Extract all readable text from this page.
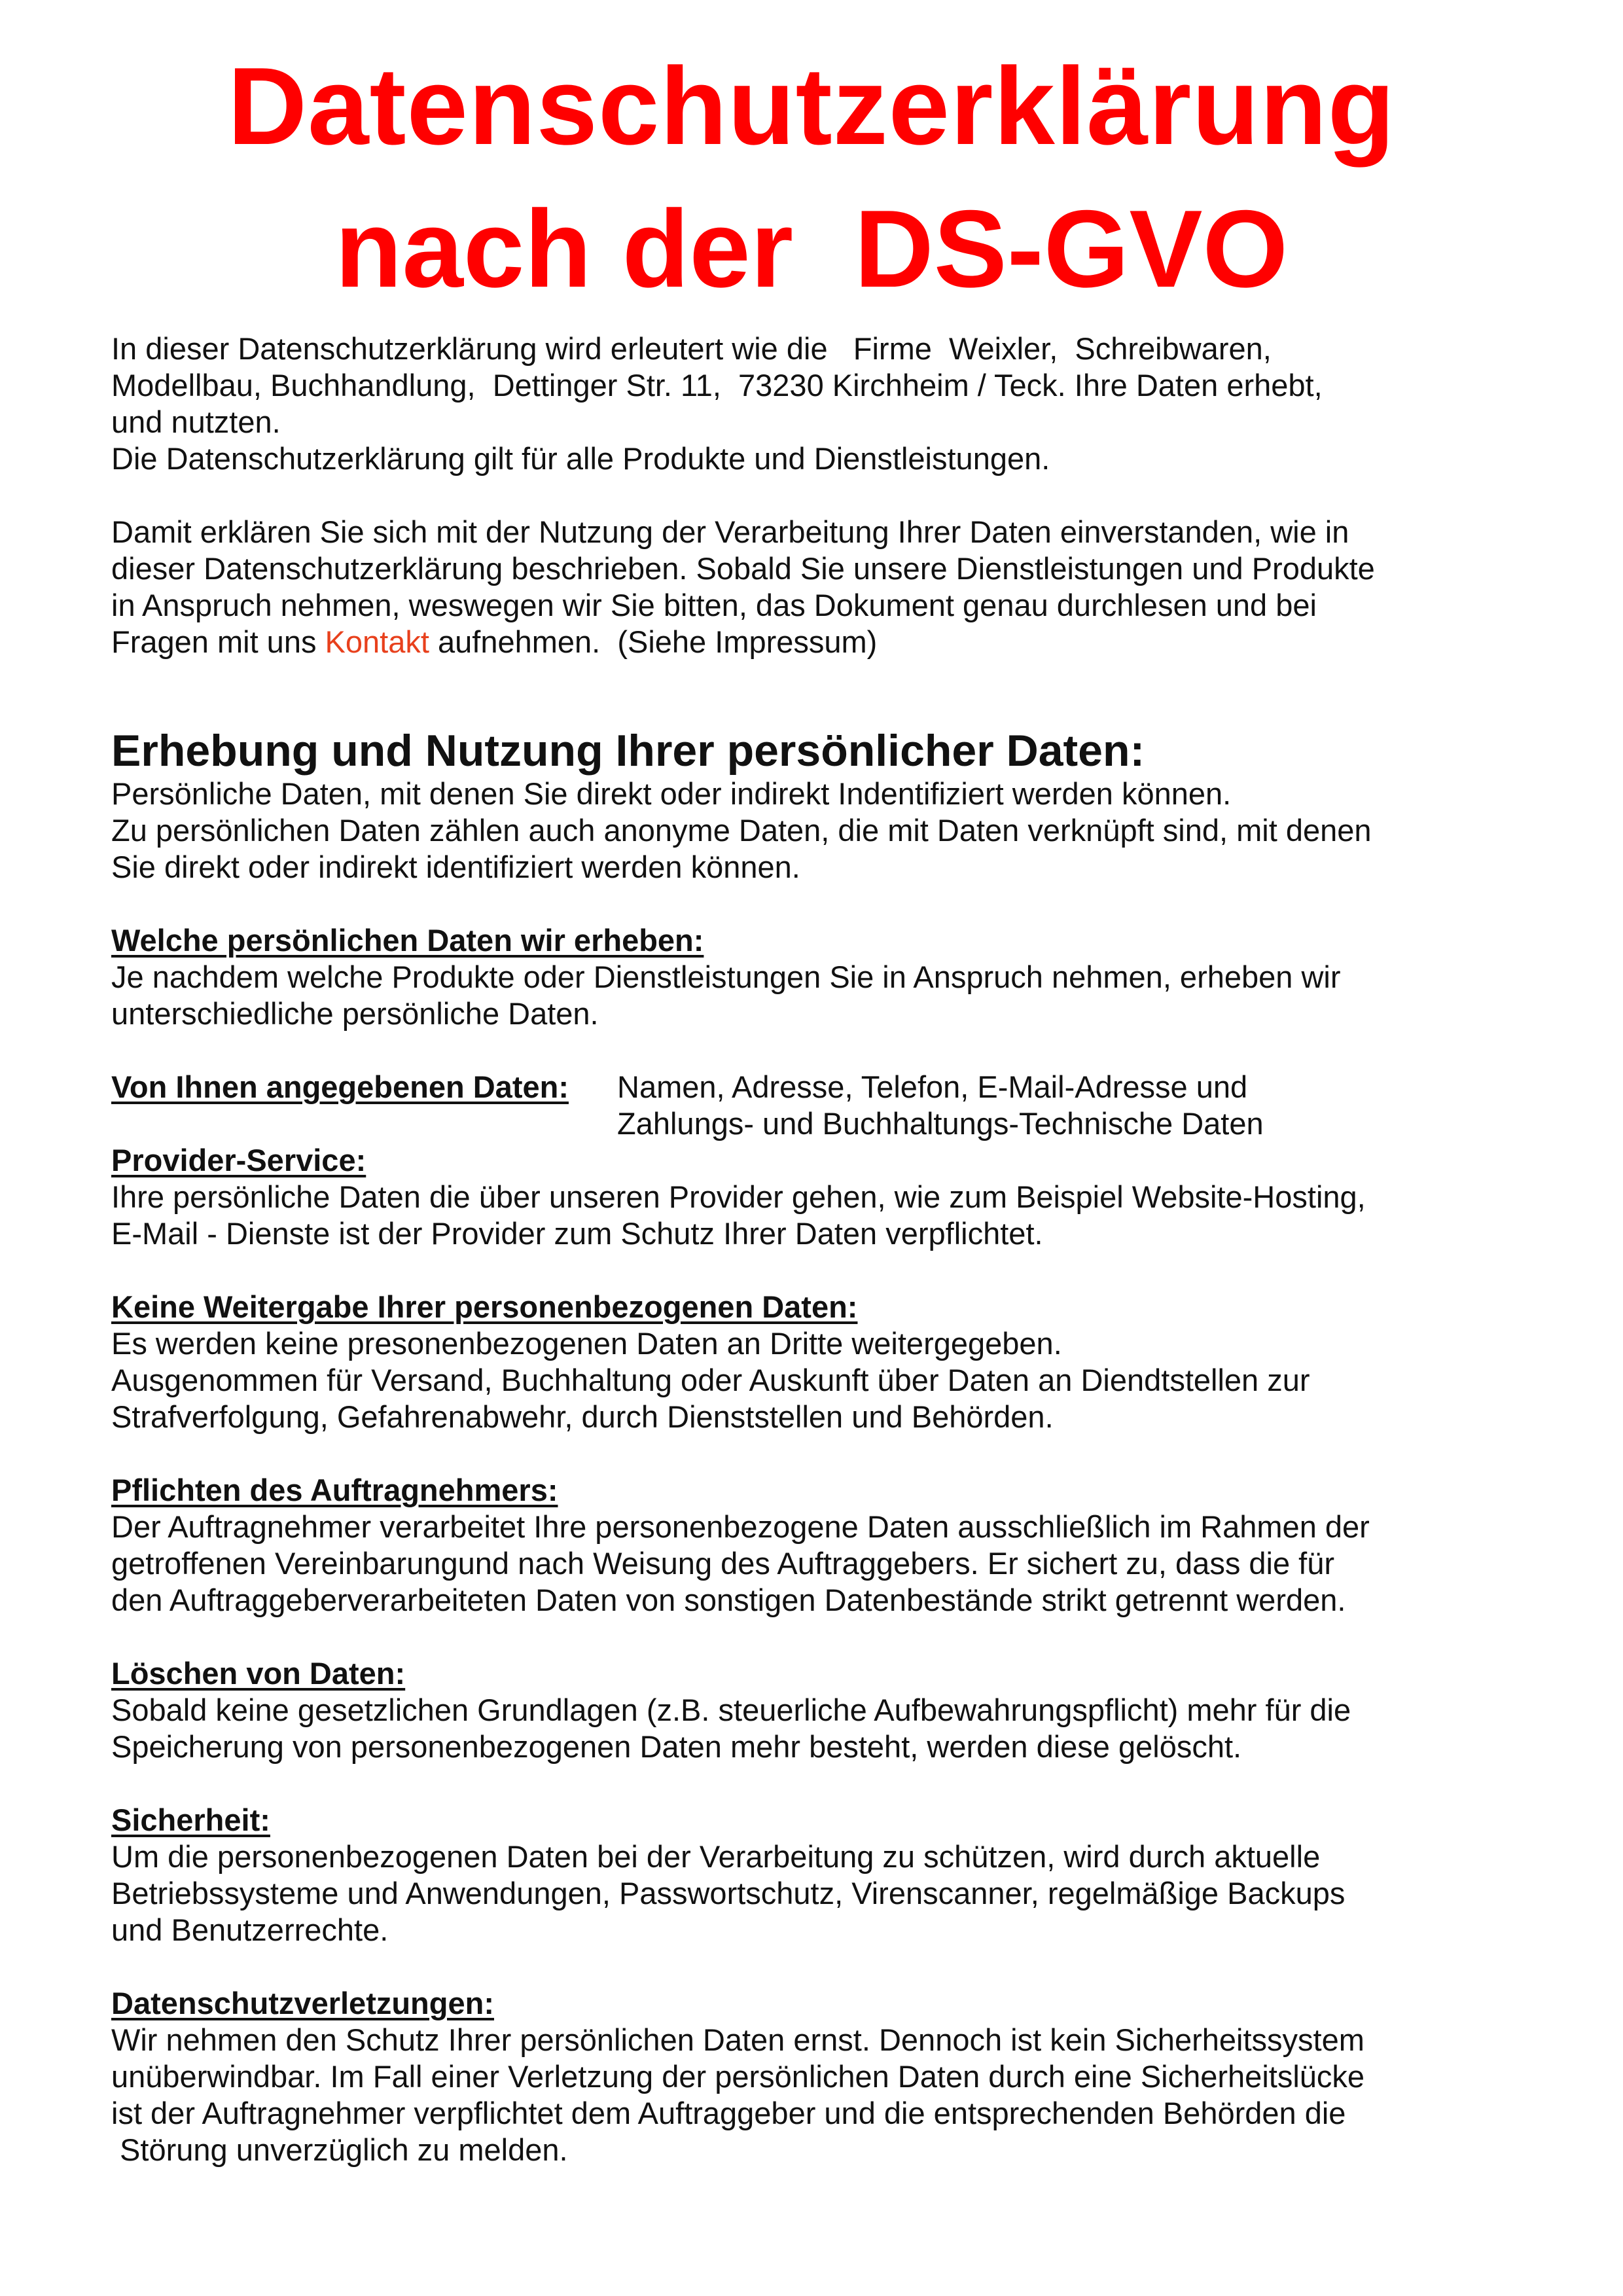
Datenschutzerklärung
nach der  DS-GVO

In dieser Datenschutzerklärung wird erleutert wie die   Firme  Weixler,  Schreibwaren,

Modellbau, Buchhandlung,  Dettinger Str. 11,  73230 Kirchheim / Teck. Ihre Daten erhebt,

und nutzten.

Die Datenschutzerklärung gilt für alle Produkte und Dienstleistungen.

Damit erklären Sie sich mit der Nutzung der Verarbeitung Ihrer Daten einverstanden, wie in

dieser Datenschutzerklärung beschrieben. Sobald Sie unsere Dienstleistungen und Produkte

in Anspruch nehmen, weswegen wir Sie bitten, das Dokument genau durchlesen und bei

Fragen mit uns Kontakt aufnehmen.  (Siehe Impressum)

Erhebung und Nutzung Ihrer persönlicher Daten:

Persönliche Daten, mit denen Sie direkt oder indirekt Indentifiziert werden können.

Zu persönlichen Daten zählen auch anonyme Daten, die mit Daten verknüpft sind, mit denen

Sie direkt oder indirekt identifiziert werden können.

Welche persönlichen Daten wir erheben:

Je nachdem welche Produkte oder Dienstleistungen Sie in Anspruch nehmen, erheben wir

unterschiedliche persönliche Daten.

Von Ihnen angegebenen Daten:	Namen, Adresse, Telefon, E-Mail-Adresse und

Zahlungs- und Buchhaltungs-Technische Daten

Provider-Service:

Ihre persönliche Daten die über unseren Provider gehen, wie zum Beispiel Website-Hosting,

E-Mail - Dienste ist der Provider zum Schutz Ihrer Daten verpflichtet.

Keine Weitergabe Ihrer personenbezogenen Daten:

Es werden keine presonenbezogenen Daten an Dritte weitergegeben.

Ausgenommen für Versand, Buchhaltung oder Auskunft über Daten an Diendtstellen zur

Strafverfolgung, Gefahrenabwehr, durch Dienststellen und Behörden.

Pflichten des Auftragnehmers:

Der Auftragnehmer verarbeitet Ihre personenbezogene Daten ausschließlich im Rahmen der

getroffenen Vereinbarungund nach Weisung des Auftraggebers. Er sichert zu, dass die für

den Auftraggeberverarbeiteten Daten von sonstigen Datenbestände strikt getrennt werden.

Löschen von Daten:

Sobald keine gesetzlichen Grundlagen (z.B. steuerliche Aufbewahrungspflicht) mehr für die

Speicherung von personenbezogenen Daten mehr besteht, werden diese gelöscht.

Sicherheit:

Um die personenbezogenen Daten bei der Verarbeitung zu schützen, wird durch aktuelle

Betriebssysteme und Anwendungen, Passwortschutz, Virenscanner, regelmäßige Backups

und Benutzerrechte.

Datenschutzverletzungen:

Wir nehmen den Schutz Ihrer persönlichen Daten ernst. Dennoch ist kein Sicherheitssystem

unüberwindbar. Im Fall einer Verletzung der persönlichen Daten durch eine Sicherheitslücke

ist der Auftragnehmer verpflichtet dem Auftraggeber und die entsprechenden Behörden die

Störung unverzüglich zu melden.
